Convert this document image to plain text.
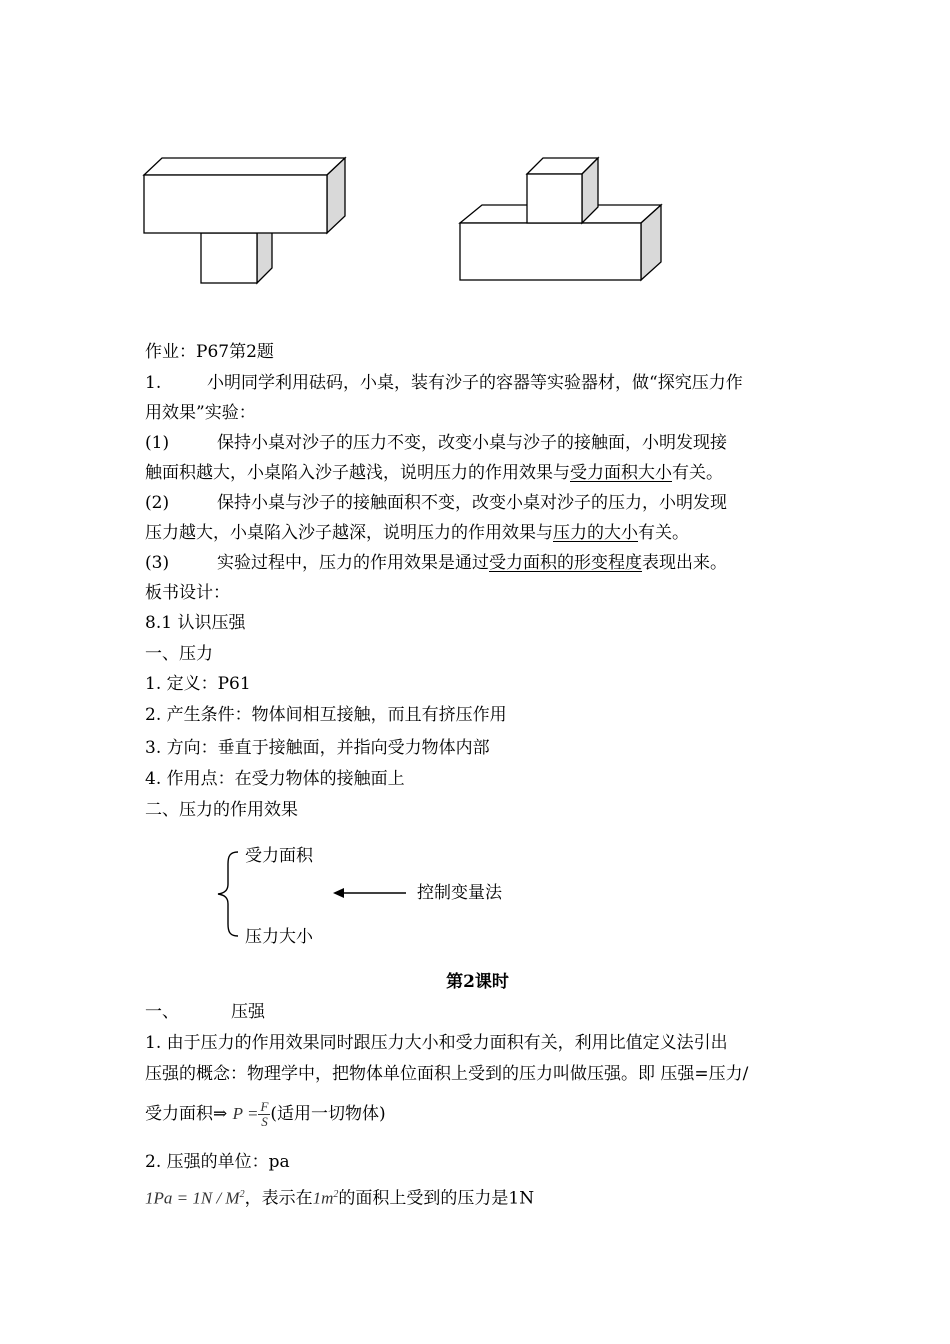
作业：P67第2题
1.	小明同学利用砝码，小桌，装有沙子的容器等实验器材，做“探究压力作
用效果”实验：
(1)	保持小桌对沙子的压力不变，改变小桌与沙子的接触面，小明发现接
触面积越大，小桌陷入沙子越浅，说明压力的作用效果与受力面积大小有关。
(2)	保持小桌与沙子的接触面积不变，改变小桌对沙子的压力，小明发现
压力越大，小桌陷入沙子越深，说明压力的作用效果与压力的大小有关。
(3)	实验过程中，压力的作用效果是通过受力面积的形变程度表现出来。
板书设计：
8.1 认识压强
一、压力
1. 定义：P61
2. 产生条件：物体间相互接触，而且有挤压作用
3. 方向：垂直于接触面，并指向受力物体内部
4. 作用点：在受力物体的接触面上
二、压力的作用效果
受力面积
压力大小
控制变量法
第2课时
一、	压强
1. 由于压力的作用效果同时跟压力大小和受力面积有关，利用比值定义法引出
压强的概念：物理学中，把物体单位面积上受到的压力叫做压强。即 压强=压力/
受力面积⇒ $P = \frac{F}{S}$ (适用一切物体)
2. 压强的单位：pa
$1Pa = 1N / M^2$，表示在$1m^2$的面积上受到的压力是1N
